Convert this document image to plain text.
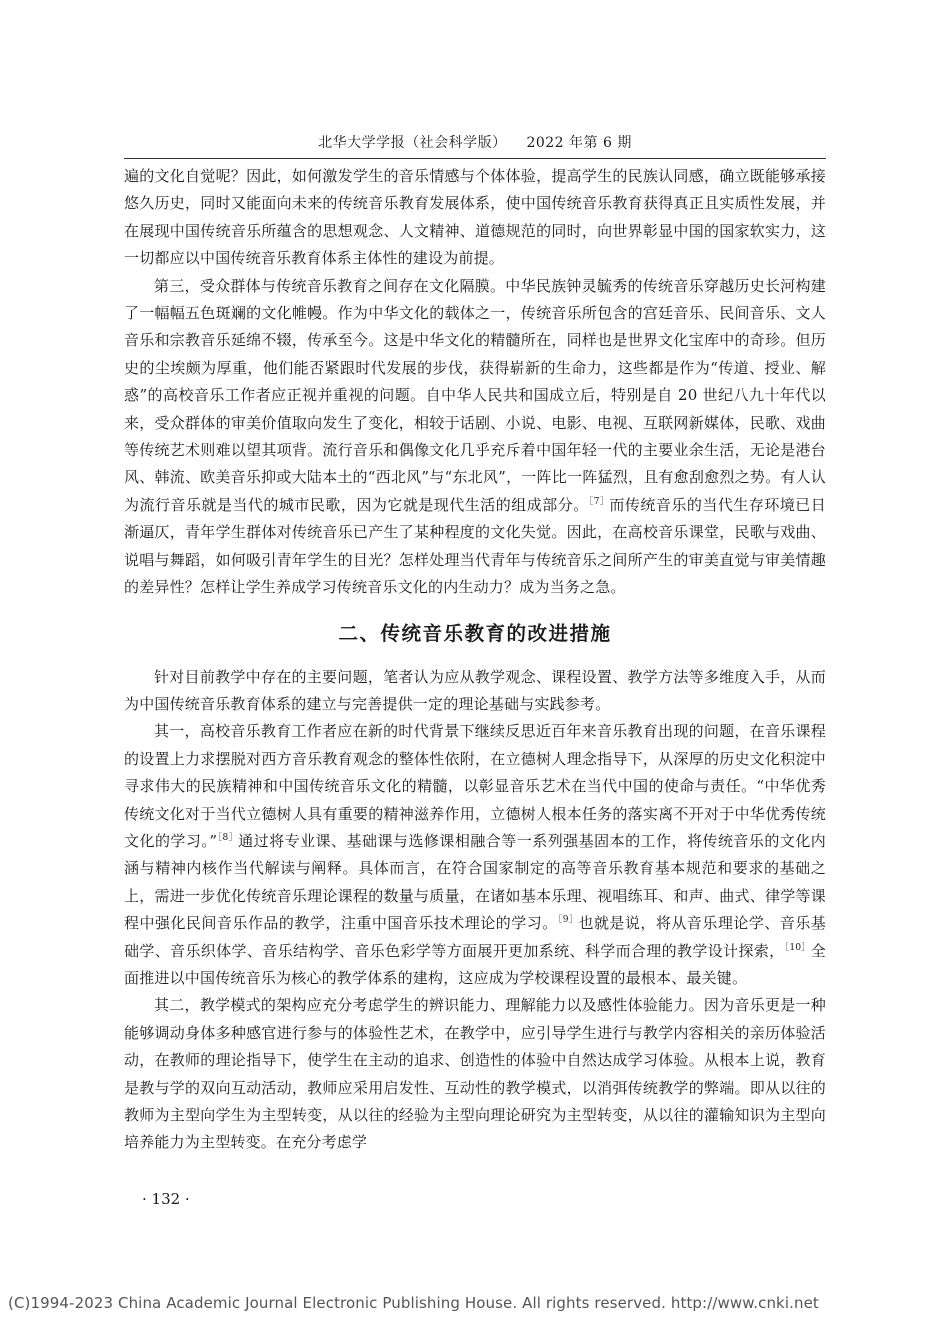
北华大学学报（社会科学版） 2022 年第 6 期

遍的文化自觉呢？因此，如何激发学生的音乐情感与个体体验，提高学生的民族认同感，确立既能够承接悠久历史，同时又能面向未来的传统音乐教育发展体系，使中国传统音乐教育获得真正且实质性发展，并在展现中国传统音乐所蕴含的思想观念、人文精神、道德规范的同时，向世界彰显中国的国家软实力，这一切都应以中国传统音乐教育体系主体性的建设为前提。

第三，受众群体与传统音乐教育之间存在文化隔膜。中华民族钟灵毓秀的传统音乐穿越历史长河构建了一幅幅五色斑斓的文化帷幔。作为中华文化的载体之一，传统音乐所包含的宫廷音乐、民间音乐、文人音乐和宗教音乐延绵不辍，传承至今。这是中华文化的精髓所在，同样也是世界文化宝库中的奇珍。但历史的尘埃颇为厚重，他们能否紧跟时代发展的步伐，获得崭新的生命力，这些都是作为“传道、授业、解惑”的高校音乐工作者应正视并重视的问题。自中华人民共和国成立后，特别是自 20 世纪八九十年代以来，受众群体的审美价值取向发生了变化，相较于话剧、小说、电影、电视、互联网新媒体，民歌、戏曲等传统艺术则难以望其项背。流行音乐和偶像文化几乎充斥着中国年轻一代的主要业余生活，无论是港台风、韩流、欧美音乐抑或大陆本土的“西北风”与“东北风”，一阵比一阵猛烈，且有愈刮愈烈之势。有人认为流行音乐就是当代的城市民歌，因为它就是现代生活的组成部分。$^{[7]}$而传统音乐的当代生存环境已日渐逼仄，青年学生群体对传统音乐已产生了某种程度的文化失觉。因此，在高校音乐课堂，民歌与戏曲、说唱与舞蹈，如何吸引青年学生的目光？怎样处理当代青年与传统音乐之间所产生的审美直觉与审美情趣的差异性？怎样让学生养成学习传统音乐文化的内生动力？成为当务之急。

二、传统音乐教育的改进措施

针对目前教学中存在的主要问题，笔者认为应从教学观念、课程设置、教学方法等多维度入手，从而为中国传统音乐教育体系的建立与完善提供一定的理论基础与实践参考。

其一，高校音乐教育工作者应在新的时代背景下继续反思近百年来音乐教育出现的问题，在音乐课程的设置上力求摆脱对西方音乐教育观念的整体性依附，在立德树人理念指导下，从深厚的历史文化积淀中寻求伟大的民族精神和中国传统音乐文化的精髓，以彰显音乐艺术在当代中国的使命与责任。“中华优秀传统文化对于当代立德树人具有重要的精神滋养作用，立德树人根本任务的落实离不开对于中华优秀传统文化的学习。”$^{[8]}$通过将专业课、基础课与选修课相融合等一系列强基固本的工作，将传统音乐的文化内涵与精神内核作当代解读与阐释。具体而言，在符合国家制定的高等音乐教育基本规范和要求的基础之上，需进一步优化传统音乐理论课程的数量与质量，在诸如基本乐理、视唱练耳、和声、曲式、律学等课程中强化民间音乐作品的教学，注重中国音乐技术理论的学习。$^{[9]}$也就是说，将从音乐理论学、音乐基础学、音乐织体学、音乐结构学、音乐色彩学等方面展开更加系统、科学而合理的教学设计探索，$^{[10]}$全面推进以中国传统音乐为核心的教学体系的建构，这应成为学校课程设置的最根本、最关键。

其二，教学模式的架构应充分考虑学生的辨识能力、理解能力以及感性体验能力。因为音乐更是一种能够调动身体多种感官进行参与的体验性艺术，在教学中，应引导学生进行与教学内容相关的亲历体验活动，在教师的理论指导下，使学生在主动的追求、创造性的体验中自然达成学习体验。从根本上说，教育是教与学的双向互动活动，教师应采用启发性、互动性的教学模式，以消弭传统教学的弊端。即从以往的教师为主型向学生为主型转变，从以往的经验为主型向理论研究为主型转变，从以往的灌输知识为主型向培养能力为主型转变。在充分考虑学

· 132 ·
(C)1994-2023 China Academic Journal Electronic Publishing House. All rights reserved. http://www.cnki.net
